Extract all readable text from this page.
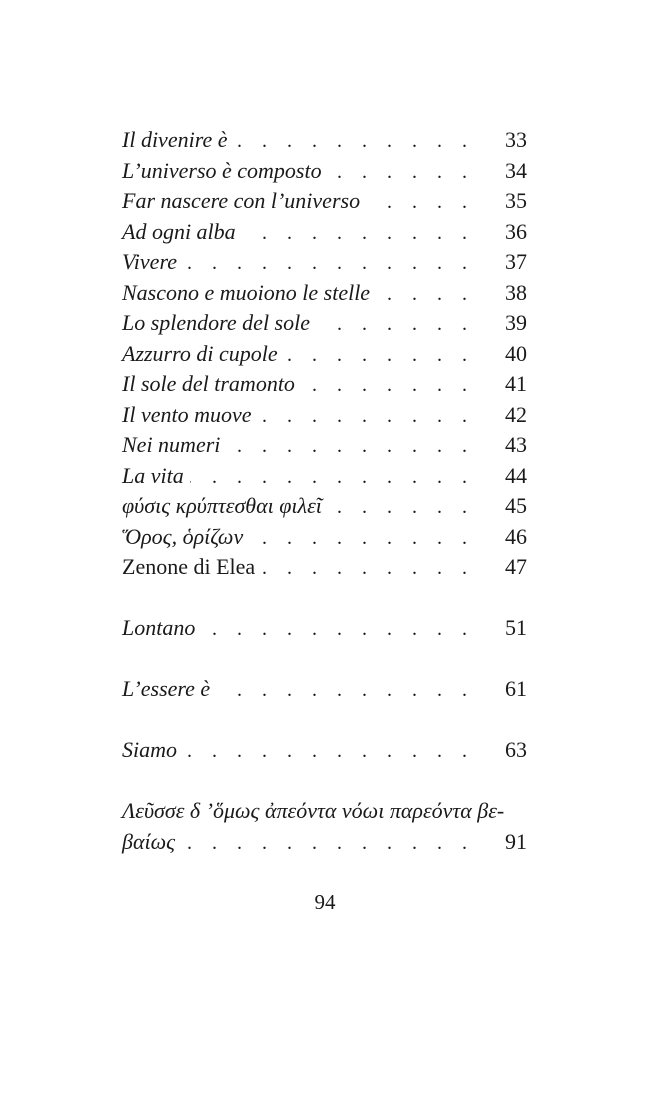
.
Il divenire è	33
.
L’universo è composto	34
.
Far nascere con l’universo	35
.
Ad ogni alba	36
.
Vivere	37
.
Nascono e muoiono le stelle	38
.
Lo splendore del sole	39
.
Azzurro di cupole	40
.
Il sole del tramonto	41
.
Il vento muove	42
.
Nei numeri	43
.
La vita	44
.
φύσις κρύπτεσθαι φιλεῖ	45
.
Ὅρος, ὁρίζων	46
.
Zenone di Elea	47
.
Lontano	51
.
L’essere è	61
.
Siamo	63
Λεῦσσε δ ’ὅμως ἀπεόντα νόωι παρεόντα βε-
.
βαίως	91
94
